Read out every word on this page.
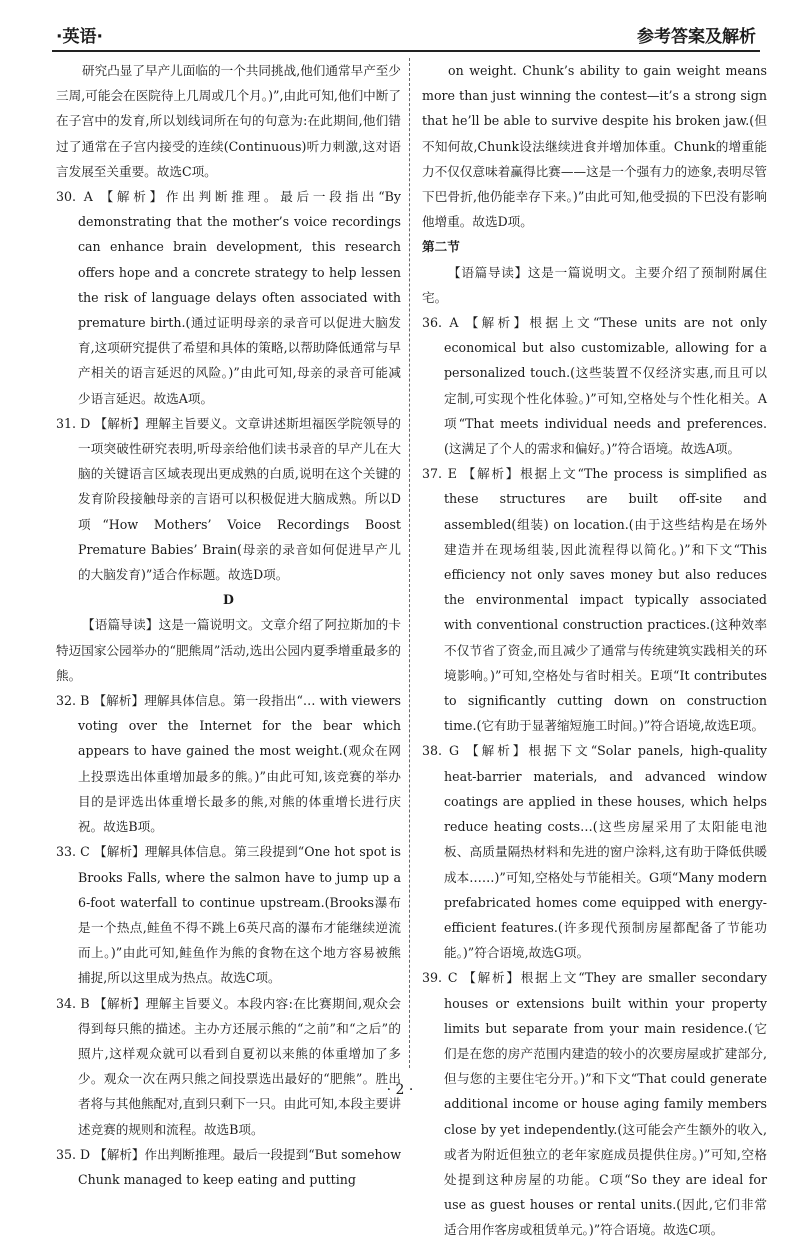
·英语·	参考答案及解析

研究凸显了早产儿面临的一个共同挑战,他们通常早产至少三周,可能会在医院待上几周或几个月。)”,由此可知,他们中断了在子宫中的发育,所以划线词所在句的句意为:在此期间,他们错过了通常在子宫内接受的连续(Continuous)听力刺激,这对语言发展至关重要。故选C项。

30. A 【解析】作出判断推理。最后一段指出“By demonstrating that the mother’s voice recordings can enhance brain development, this research offers hope and a concrete strategy to help lessen the risk of language delays often associated with premature birth.(通过证明母亲的录音可以促进大脑发育,这项研究提供了希望和具体的策略,以帮助降低通常与早产相关的语言延迟的风险。)”由此可知,母亲的录音可能减少语言延迟。故选A项。

31. D 【解析】理解主旨要义。文章讲述斯坦福医学院领导的一项突破性研究表明,听母亲给他们读书录音的早产儿在大脑的关键语言区域表现出更成熟的白质,说明在这个关键的发育阶段接触母亲的言语可以积极促进大脑成熟。所以D项“How Mothers’ Voice Recordings Boost Premature Babies’ Brain(母亲的录音如何促进早产儿的大脑发育)”适合作标题。故选D项。

D

【语篇导读】这是一篇说明文。文章介绍了阿拉斯加的卡特迈国家公园举办的“肥熊周”活动,选出公园内夏季增重最多的熊。

32. B 【解析】理解具体信息。第一段指出“… with viewers voting over the Internet for the bear which appears to have gained the most weight.(观众在网上投票选出体重增加最多的熊。)”由此可知,该竞赛的举办目的是评选出体重增长最多的熊,对熊的体重增长进行庆祝。故选B项。

33. C 【解析】理解具体信息。第三段提到“One hot spot is Brooks Falls, where the salmon have to jump up a 6-foot waterfall to continue upstream.(Brooks瀑布是一个热点,鲑鱼不得不跳上6英尺高的瀑布才能继续逆流而上。)”由此可知,鲑鱼作为熊的食物在这个地方容易被熊捕捉,所以这里成为热点。故选C项。

34. B 【解析】理解主旨要义。本段内容:在比赛期间,观众会得到每只熊的描述。主办方还展示熊的“之前”和“之后”的照片,这样观众就可以看到自夏初以来熊的体重增加了多少。观众一次在两只熊之间投票选出最好的“肥熊”。胜出者将与其他熊配对,直到只剩下一只。由此可知,本段主要讲述竞赛的规则和流程。故选B项。

35. D 【解析】作出判断推理。最后一段提到“But somehow Chunk managed to keep eating and putting

on weight. Chunk’s ability to gain weight means more than just winning the contest—it’s a strong sign that he’ll be able to survive despite his broken jaw.(但不知何故,Chunk设法继续进食并增加体重。Chunk的增重能力不仅仅意味着赢得比赛——这是一个强有力的迹象,表明尽管下巴骨折,他仍能幸存下来。)”由此可知,他受损的下巴没有影响他增重。故选D项。

第二节

【语篇导读】这是一篇说明文。主要介绍了预制附属住宅。

36. A 【解析】根据上文“These units are not only economical but also customizable, allowing for a personalized touch.(这些装置不仅经济实惠,而且可以定制,可实现个性化体验。)”可知,空格处与个性化相关。A项“That meets individual needs and preferences.(这满足了个人的需求和偏好。)”符合语境。故选A项。

37. E 【解析】根据上文“The process is simplified as these structures are built off-site and assembled(组装) on location.(由于这些结构是在场外建造并在现场组装,因此流程得以简化。)”和下文“This efficiency not only saves money but also reduces the environmental impact typically associated with conventional construction practices.(这种效率不仅节省了资金,而且减少了通常与传统建筑实践相关的环境影响。)”可知,空格处与省时相关。E项“It contributes to significantly cutting down on construction time.(它有助于显著缩短施工时间。)”符合语境,故选E项。

38. G 【解析】根据下文“Solar panels, high-quality heat-barrier materials, and advanced window coatings are applied in these houses, which helps reduce heating costs…(这些房屋采用了太阳能电池板、高质量隔热材料和先进的窗户涂料,这有助于降低供暖成本……)”可知,空格处与节能相关。G项“Many modern prefabricated homes come equipped with energy-efficient features.(许多现代预制房屋都配备了节能功能。)”符合语境,故选G项。

39. C 【解析】根据上文“They are smaller secondary houses or extensions built within your property limits but separate from your main residence.(它们是在您的房产范围内建造的较小的次要房屋或扩建部分,但与您的主要住宅分开。)”和下文“That could generate additional income or house aging family members close by yet independently.(这可能会产生额外的收入,或者为附近但独立的老年家庭成员提供住房。)”可知,空格处提到这种房屋的功能。C项“So they are ideal for use as guest houses or rental units.(因此,它们非常适合用作客房或租赁单元。)”符合语境。故选C项。

· 2 ·
